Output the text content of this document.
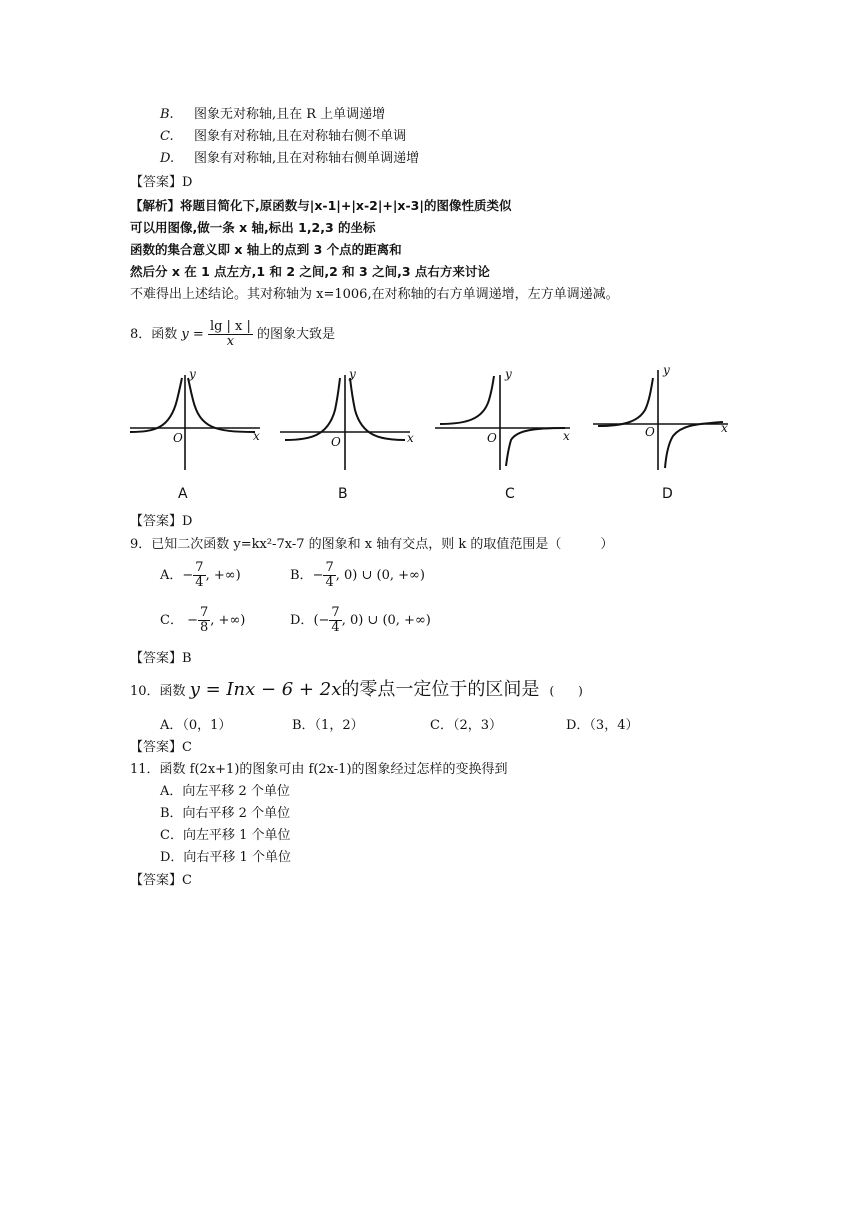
B. 图象无对称轴,且在 R 上单调递增
C. 图象有对称轴,且在对称轴右侧不单调
D. 图象有对称轴,且在对称轴右侧单调递增
【答案】D
【解析】将题目简化下,原函数与|x-1|+|x-2|+|x-3|的图像性质类似
可以用图像,做一条 x 轴,标出 1,2,3 的坐标
函数的集合意义即 x 轴上的点到 3 个点的距离和
然后分 x 在 1 点左方,1 和 2 之间,2 和 3 之间,3 点右方来讨论
不难得出上述结论。其对称轴为 x=1006,在对称轴的右方单调递增，左方单调递减。
8．函数 $y = \frac{\lg | x |}{x}$ 的图象大致是
y
x
O
y
x
O
y
x
O
y
x
O
A	B	C	D
【答案】D
9．已知二次函数 y=kx²-7x-7 的图象和 x 轴有交点，则 k 的取值范围是（　　　）
A．− $\frac{7}{4}$ , +∞)	B．− $\frac{7}{4}$ , 0) ∪ (0, +∞)
C． − $\frac{7}{8}$ , +∞)	D．(− $\frac{7}{4}$ , 0) ∪ (0, +∞)
【答案】B
10．函数 y = Inx − 6 + 2x的零点一定位于的区间是 (　　)
A．（0，1）	B．（1，2）	C．（2，3）	D．（3，4）
【答案】C
11．函数 f(2x+1)的图象可由 f(2x-1)的图象经过怎样的变换得到
A．向左平移 2 个单位
B．向右平移 2 个单位
C．向左平移 1 个单位
D．向右平移 1 个单位
【答案】C
